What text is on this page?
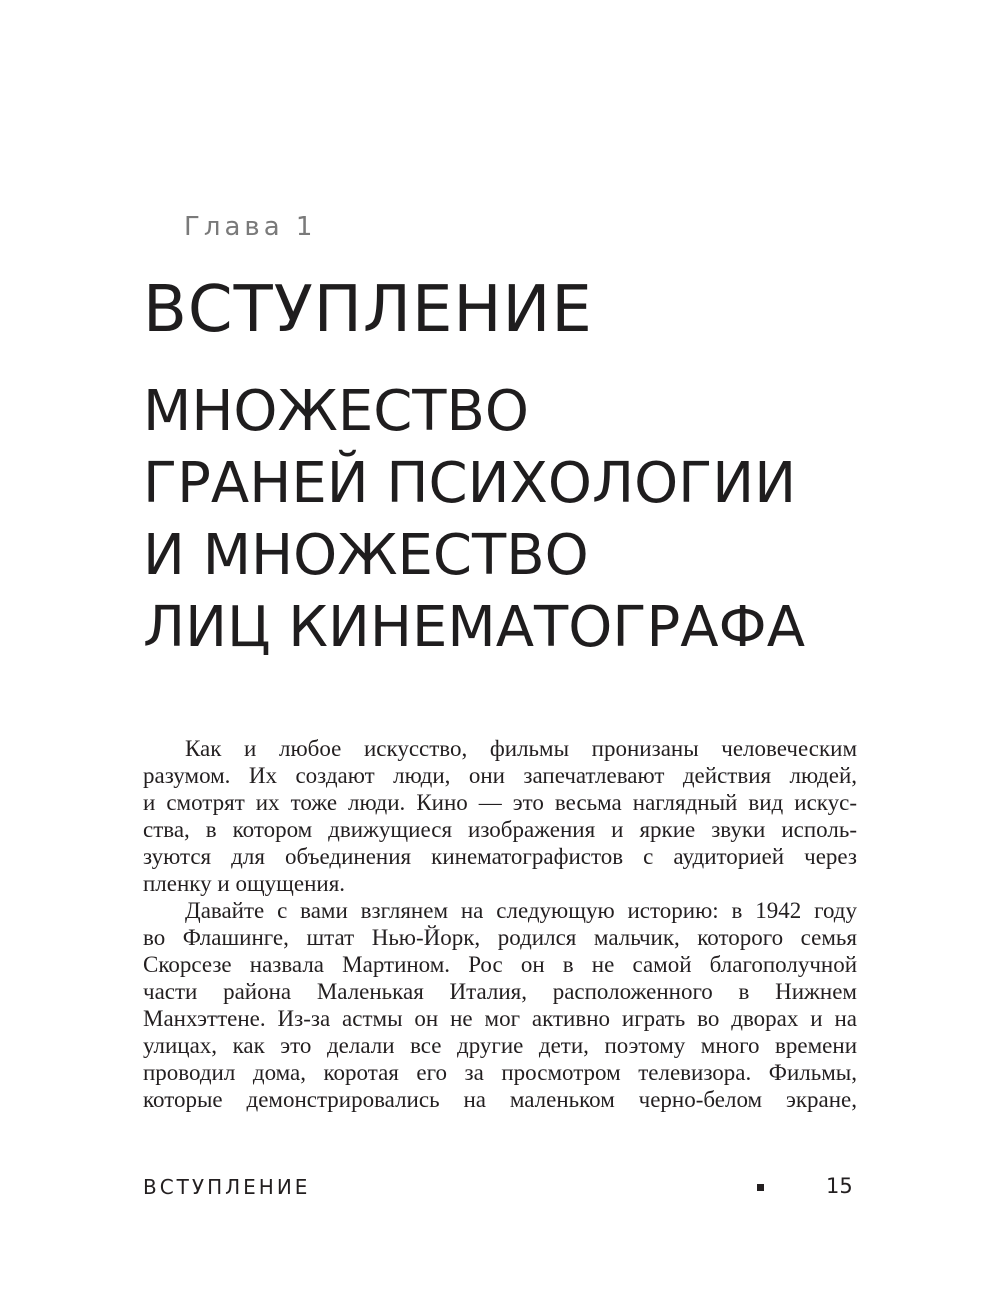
Глава 1
ВСТУПЛЕНИЕ
МНОЖЕСТВО
ГРАНЕЙ ПСИХОЛОГИИ
И МНОЖЕСТВО
ЛИЦ КИНЕМАТОГРАФА
Как и любое искусство, фильмы пронизаны человеческим
разумом. Их создают люди, они запечатлевают действия людей,
и смотрят их тоже люди. Кино — это весьма наглядный вид искус-
ства, в котором движущиеся изображения и яркие звуки исполь-
зуются для объединения кинематографистов с аудиторией через
пленку и ощущения.
Давайте с вами взглянем на следующую историю: в 1942 году
во Флашинге, штат Нью-Йорк, родился мальчик, которого семья
Скорсезе назвала Мартином. Рос он в не самой благополучной
части района Маленькая Италия, расположенного в Нижнем
Манхэттене. Из-за астмы он не мог активно играть во дворах и на
улицах, как это делали все другие дети, поэтому много времени
проводил дома, коротая его за просмотром телевизора. Фильмы,
которые демонстрировались на маленьком черно-белом экране,
ВСТУПЛЕНИЕ	15
